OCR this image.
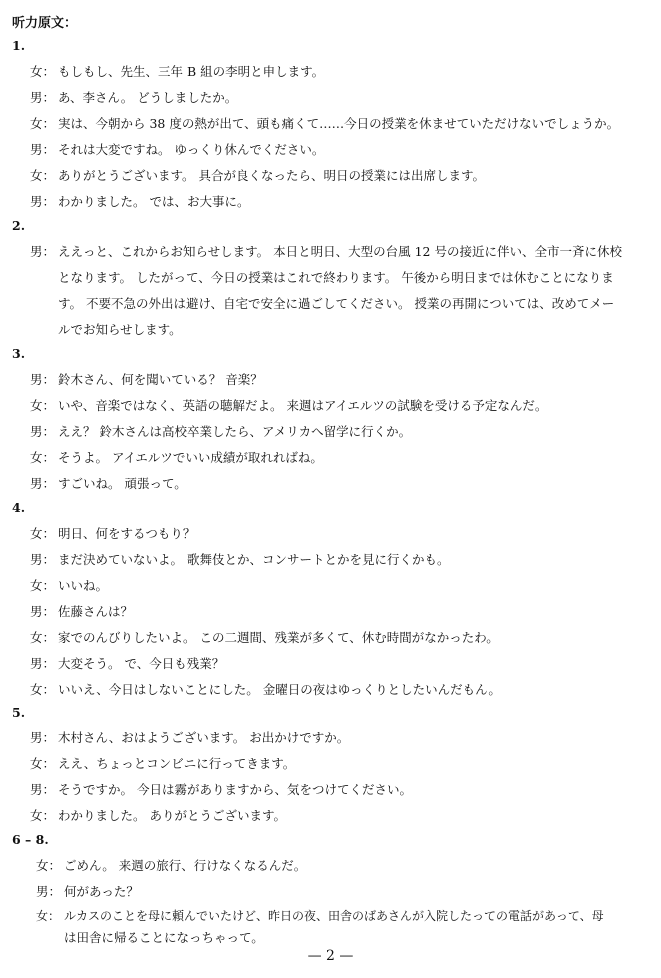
听力原文：
1.
女： もしもし、先生、三年 B 組の李明と申します。
男： あ、李さん。 どうしましたか。
女： 実は、今朝から 38 度の熱が出て、頭も痛くて……今日の授業を休ませていただけないでしょうか。
男： それは大変ですね。 ゆっくり休んでください。
女： ありがとうございます。 具合が良くなったら、明日の授業には出席します。
男： わかりました。 では、お大事に。
2.
男： ええっと、これからお知らせします。 本日と明日、大型の台風 12 号の接近に伴い、全市一斉に休校
となります。 したがって、今日の授業はこれで終わります。 午後から明日までは休むことになりま
す。 不要不急の外出は避け、自宅で安全に過ごしてください。 授業の再開については、改めてメー
ルでお知らせします。
3.
男： 鈴木さん、何を聞いている？ 音楽？
女： いや、音楽ではなく、英語の聴解だよ。 来週はアイエルツの試験を受ける予定なんだ。
男： ええ？ 鈴木さんは高校卒業したら、アメリカへ留学に行くか。
女： そうよ。 アイエルツでいい成績が取れればね。
男： すごいね。 頑張って。
4.
女： 明日、何をするつもり？
男： まだ決めていないよ。 歌舞伎とか、コンサートとかを見に行くかも。
女： いいね。
男： 佐藤さんは？
女： 家でのんびりしたいよ。 この二週間、残業が多くて、休む時間がなかったわ。
男： 大変そう。 で、今日も残業？
女： いいえ、今日はしないことにした。 金曜日の夜はゆっくりとしたいんだもん。
5.
男： 木村さん、おはようございます。 お出かけですか。
女： ええ、ちょっとコンビニに行ってきます。
男： そうですか。 今日は霧がありますから、気をつけてください。
女： わかりました。 ありがとうございます。
6 – 8.
女： ごめん。 来週の旅行、行けなくなるんだ。
男： 何があった？
女： ルカスのことを母に頼んでいたけど、昨日の夜、田舎のばあさんが入院したっての電話があって、母
は田舎に帰ることになっちゃって。
— 2 —
